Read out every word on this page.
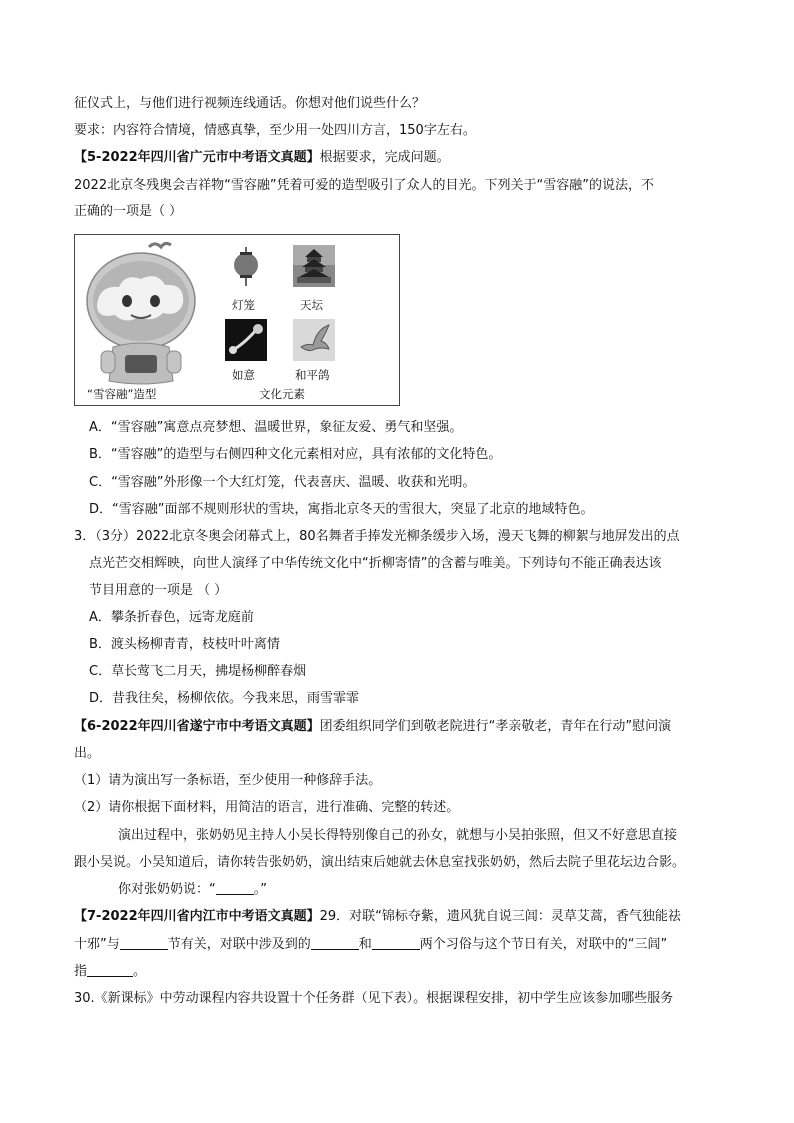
征仪式上，与他们进行视频连线通话。你想对他们说些什么？
要求：内容符合情境，情感真挚，至少用一处四川方言，150字左右。
【5-2022年四川省广元市中考语文真题】根据要求，完成问题。
2022北京冬残奥会吉祥物“雪容融”凭着可爱的造型吸引了众人的目光。下列关于“雪容融”的说法，不
正确的一项是（ ）
“雪容融”造型
灯笼	天坛
如意	和平鸽
文化元素
A．“雪容融”寓意点亮梦想、温暖世界，象征友爱、勇气和坚强。
B．“雪容融”的造型与右侧四种文化元素相对应，具有浓郁的文化特色。
C．“雪容融”外形像一个大红灯笼，代表喜庆、温暖、收获和光明。
D．“雪容融”面部不规则形状的雪块，寓指北京冬天的雪很大，突显了北京的地域特色。
3．（3分）2022北京冬奥会闭幕式上，80名舞者手捧发光柳条缓步入场，漫天飞舞的柳絮与地屏发出的点
点光芒交相辉映，向世人演绎了中华传统文化中“折柳寄情”的含蓄与唯美。下列诗句不能正确表达该
节目用意的一项是 （ ）
A．攀条折春色，远寄龙庭前
B．渡头杨柳青青，枝枝叶叶离情
C．草长莺飞二月天，拂堤杨柳醉春烟
D．昔我往矣，杨柳依依。今我来思，雨雪霏霏
【6-2022年四川省遂宁市中考语文真题】团委组织同学们到敬老院进行“孝亲敬老，青年在行动”慰问演
出。
（1）请为演出写一条标语，至少使用一种修辞手法。
（2）请你根据下面材料，用简洁的语言，进行准确、完整的转述。
演出过程中，张奶奶见主持人小吴长得特别像自己的孙女，就想与小吴拍张照，但又不好意思直接
跟小吴说。小吴知道后，请你转告张奶奶，演出结束后她就去休息室找张奶奶，然后去院子里花坛边合影。
你对张奶奶说：“	。”
【7-2022年四川省内江市中考语文真题】29．对联“锦标夺紫，遗风犹自说三闾：灵草艾蒿，香气独能祛
十邪”与	节有关，对联中涉及到的	和	两个习俗与这个节日有关，对联中的“三闾”
指	。
30.《新课标》中劳动课程内容共设置十个任务群（见下表）。根据课程安排，初中学生应该参加哪些服务
